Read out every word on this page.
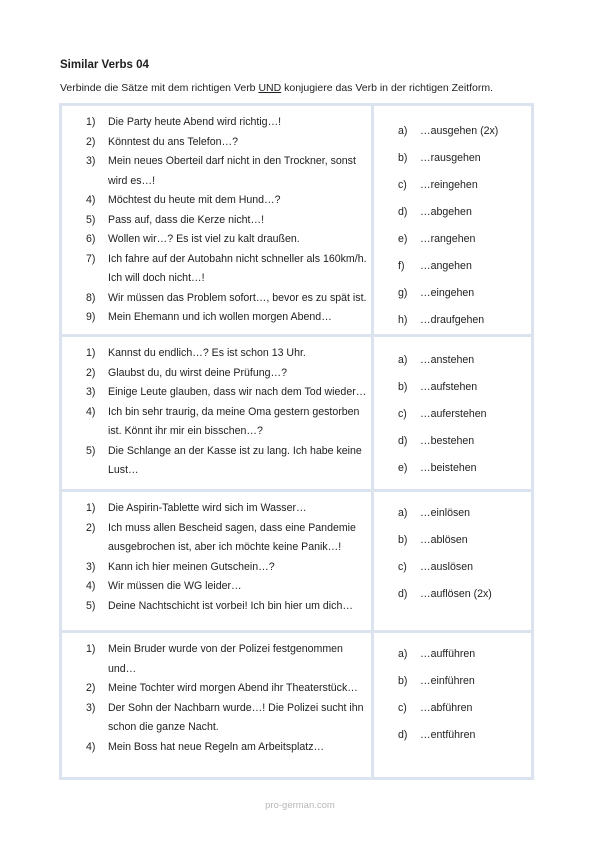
Similar Verbs 04
Verbinde die Sätze mit dem richtigen Verb UND konjugiere das Verb in der richtigen Zeitform.
1)	Die Party heute Abend wird richtig…!
2)	Könntest du ans Telefon…?
3)	Mein neues Oberteil darf nicht in den Trockner, sonst wird es…!
4)	Möchtest du heute mit dem Hund…?
5)	Pass auf, dass die Kerze nicht…!
6)	Wollen wir…? Es ist viel zu kalt draußen.
7)	Ich fahre auf der Autobahn nicht schneller als 160km/h. Ich will doch nicht…!
8)	Wir müssen das Problem sofort…, bevor es zu spät ist.
9)	Mein Ehemann und ich wollen morgen Abend…
a) …ausgehen (2x)
b) …rausgehen
c) …reingehen
d) …abgehen
e) …rangehen
f) …angehen
g) …eingehen
h) …draufgehen
1)	Kannst du endlich…? Es ist schon 13 Uhr.
2)	Glaubst du, du wirst deine Prüfung…?
3)	Einige Leute glauben, dass wir nach dem Tod wieder…
4)	Ich bin sehr traurig, da meine Oma gestern gestorben ist. Könnt ihr mir ein bisschen…?
5)	Die Schlange an der Kasse ist zu lang. Ich habe keine Lust…
a) …anstehen
b) …aufstehen
c) …auferstehen
d) …bestehen
e) …beistehen
1)	Die Aspirin-Tablette wird sich im Wasser…
2)	Ich muss allen Bescheid sagen, dass eine Pandemie ausgebrochen ist, aber ich möchte keine Panik…!
3)	Kann ich hier meinen Gutschein…?
4)	Wir müssen die WG leider…
5)	Deine Nachtschicht ist vorbei! Ich bin hier um dich…
a) …einlösen
b) …ablösen
c) …auslösen
d) …auflösen (2x)
1)	Mein Bruder wurde von der Polizei festgenommen und…
2)	Meine Tochter wird morgen Abend ihr Theaterstück…
3)	Der Sohn der Nachbarn wurde…! Die Polizei sucht ihn schon die ganze Nacht.
4)	Mein Boss hat neue Regeln am Arbeitsplatz…
a) …aufführen
b) …einführen
c) …abführen
d) …entführen
pro-german.com
